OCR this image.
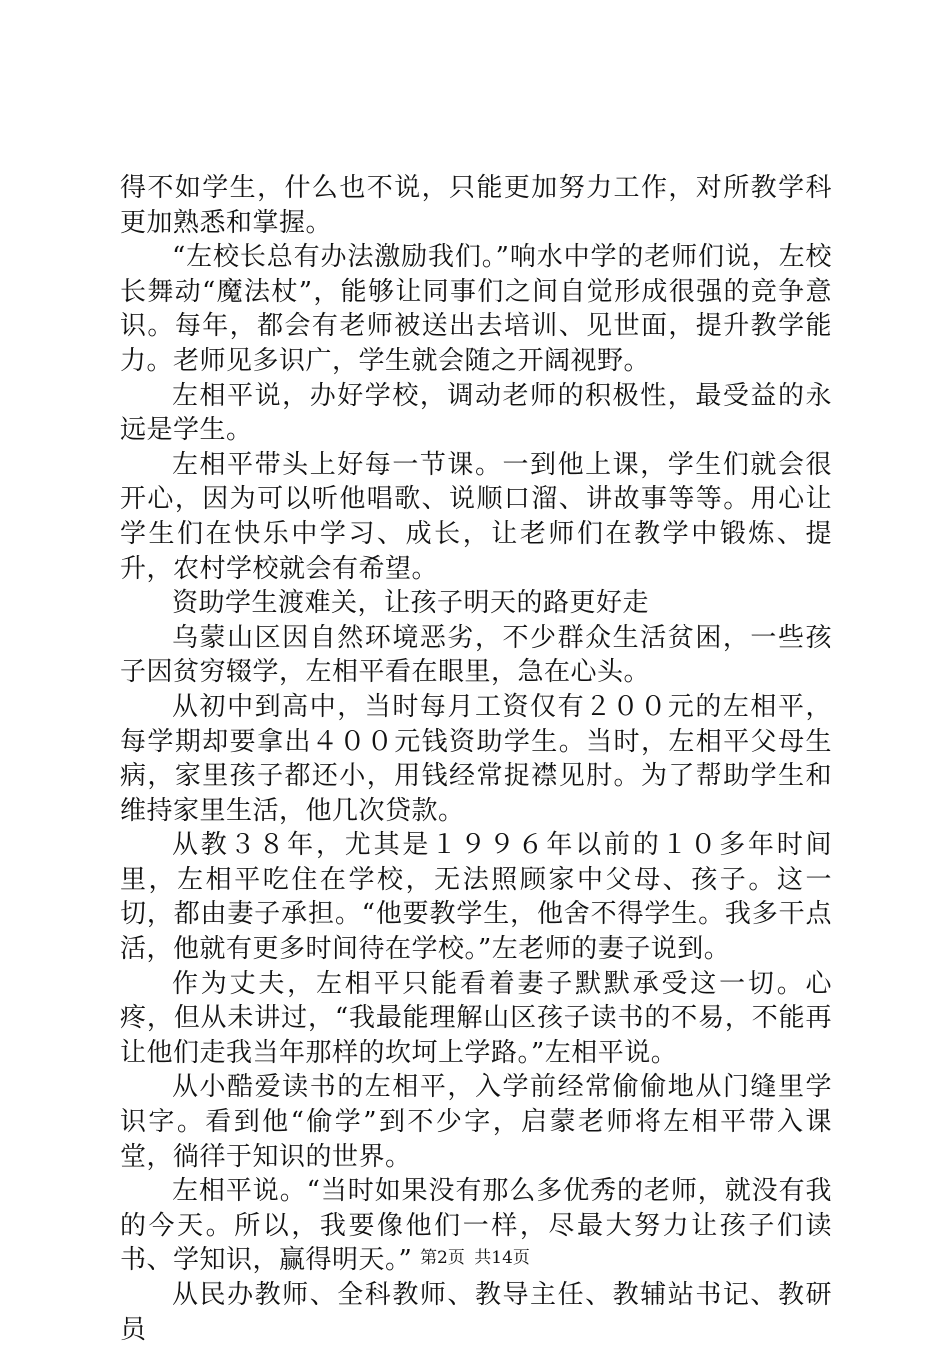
得不如学生，什么也不说，只能更加努力工作，对所教学科更加熟悉和掌握。

“左校长总有办法激励我们。”响水中学的老师们说，左校长舞动“魔法杖”，能够让同事们之间自觉形成很强的竞争意识。每年，都会有老师被送出去培训、见世面，提升教学能力。老师见多识广，学生就会随之开阔视野。

左相平说，办好学校，调动老师的积极性，最受益的永远是学生。

左相平带头上好每一节课。一到他上课，学生们就会很开心，因为可以听他唱歌、说顺口溜、讲故事等等。用心让学生们在快乐中学习、成长，让老师们在教学中锻炼、提升，农村学校就会有希望。

资助学生渡难关，让孩子明天的路更好走

乌蒙山区因自然环境恶劣，不少群众生活贫困，一些孩子因贫穷辍学，左相平看在眼里，急在心头。

从初中到高中，当时每月工资仅有２００元的左相平，每学期却要拿出４００元钱资助学生。当时，左相平父母生病，家里孩子都还小，用钱经常捉襟见肘。为了帮助学生和维持家里生活，他几次贷款。

从教３８年，尤其是１９９６年以前的１０多年时间里，左相平吃住在学校，无法照顾家中父母、孩子。这一切，都由妻子承担。“他要教学生，他舍不得学生。我多干点活，他就有更多时间待在学校。”左老师的妻子说到。

作为丈夫，左相平只能看着妻子默默承受这一切。心疼，但从未讲过，“我最能理解山区孩子读书的不易，不能再让他们走我当年那样的坎坷上学路。”左相平说。

从小酷爱读书的左相平，入学前经常偷偷地从门缝里学识字。看到他“偷学”到不少字，启蒙老师将左相平带入课堂，徜徉于知识的世界。

左相平说。“当时如果没有那么多优秀的老师，就没有我的今天。所以，我要像他们一样，尽最大努力让孩子们读书、学知识，赢得明天。”

从民办教师、全科教师、教导主任、教辅站书记、教研员

第2页 共14页
